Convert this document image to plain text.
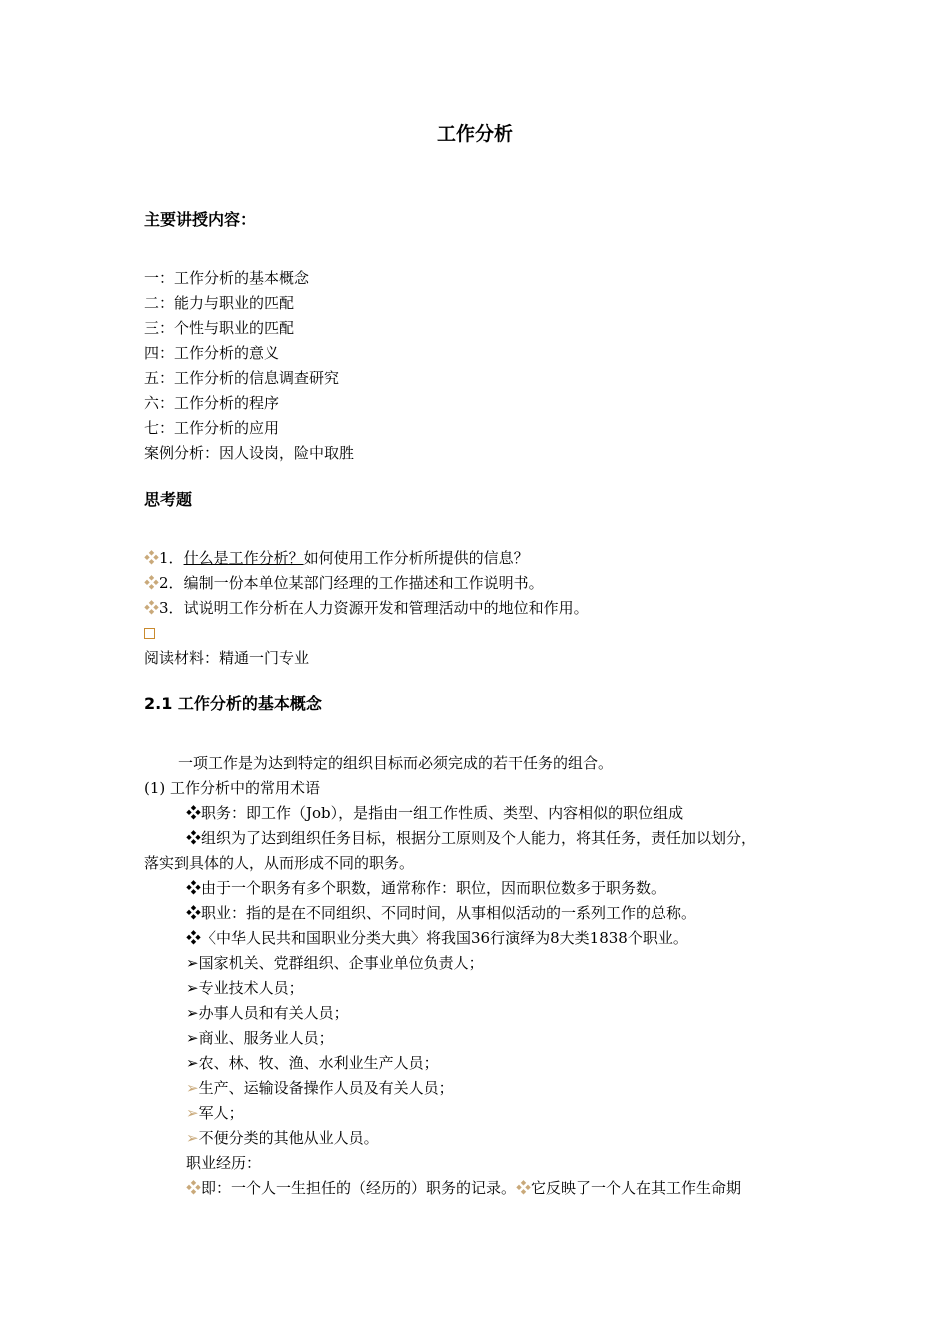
工作分析
主要讲授内容：
一：工作分析的基本概念
二：能力与职业的匹配
三：个性与职业的匹配
四：工作分析的意义
五：工作分析的信息调查研究
六：工作分析的程序
七：工作分析的应用
案例分析：因人设岗，险中取胜
思考题
❖1．什么是工作分析？如何使用工作分析所提供的信息？
❖2．编制一份本单位某部门经理的工作描述和工作说明书。
❖3．试说明工作分析在人力资源开发和管理活动中的地位和作用。
阅读材料：精通一门专业
2.1 工作分析的基本概念
一项工作是为达到特定的组织目标而必须完成的若干任务的组合。
(1) 工作分析中的常用术语
❖职务：即工作（Job），是指由一组工作性质、类型、内容相似的职位组成
❖组织为了达到组织任务目标，根据分工原则及个人能力，将其任务，责任加以划分，
落实到具体的人，从而形成不同的职务。
❖由于一个职务有多个职数，通常称作：职位，因而职位数多于职务数。
❖职业：指的是在不同组织、不同时间，从事相似活动的一系列工作的总称。
❖〈中华人民共和国职业分类大典〉将我国36行演绎为8大类1838个职业。
➢国家机关、党群组织、企事业单位负责人；
➢专业技术人员；
➢办事人员和有关人员；
➢商业、服务业人员；
➢农、林、牧、渔、水利业生产人员；
➢生产、运输设备操作人员及有关人员；
➢军人；
➢不便分类的其他从业人员。
职业经历：
❖即：一个人一生担任的（经历的）职务的记录。❖它反映了一个人在其工作生命期
